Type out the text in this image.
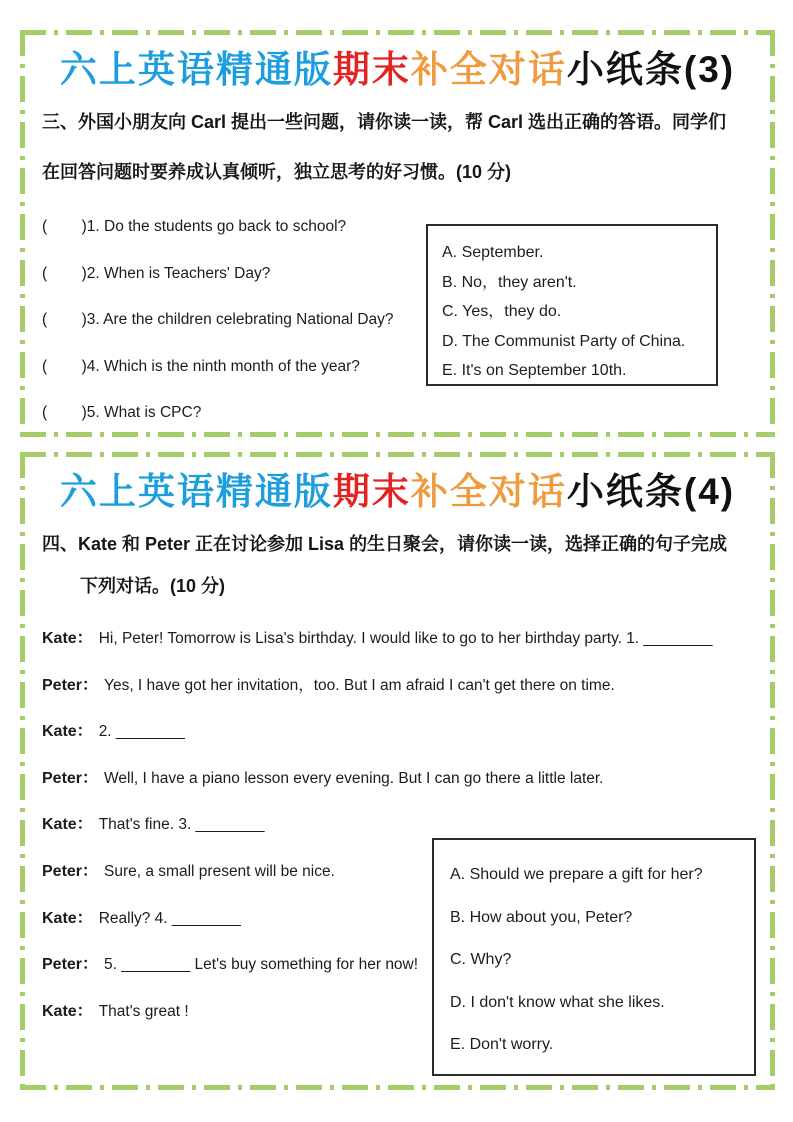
六上英语精通版期末补全对话小纸条(3)

三、外国小朋友向 Carl 提出一些问题，请你读一读，帮 Carl 选出正确的答语。同学们

在回答问题时要养成认真倾听，独立思考的好习惯。(10 分)

(        )1. Do the students go back to school?

(        )2. When is Teachers' Day?

(        )3. Are the children celebrating National Day?

(        )4. Which is the ninth month of the year?

(        )5. What is CPC?

A. September.

B. No，they aren't.

C. Yes，they do.

D. The Communist Party of China.

E. It's on September 10th.

六上英语精通版期末补全对话小纸条(4)

四、Kate 和 Peter 正在讨论参加 Lisa 的生日聚会，请你读一读，选择正确的句子完成

下列对话。(10 分)

Kate： Hi, Peter! Tomorrow is Lisa's birthday. I would like to go to her birthday party. 1. ________

Peter： Yes, I have got her invitation，too. But I am afraid I can't get there on time.

Kate： 2. ________

Peter： Well, I have a piano lesson every evening. But I can go there a little later.

Kate： That's fine. 3. ________

Peter： Sure, a small present will be nice.

Kate： Really? 4. ________

Peter： 5. ________ Let's buy something for her now!

Kate： That's great !

A. Should we prepare a gift for her?

B. How about you, Peter?

C. Why?

D. I don't know what she likes.

E. Don't worry.
